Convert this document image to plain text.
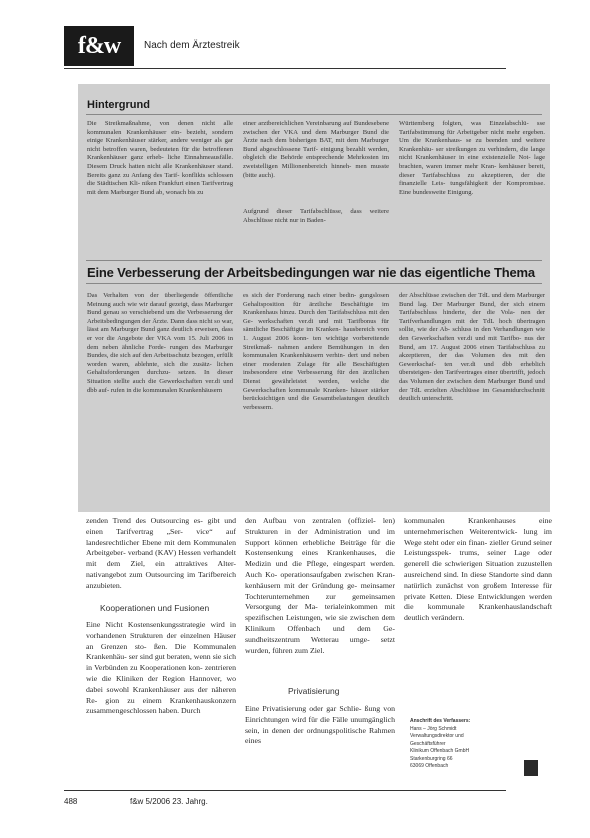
f&w	Nach dem Ärztestreik
Hintergrund
Die Streikmaßnahme, von denen nicht alle kommunalen Krankenhäuser ein- bezieht, sondern einige Krankenhäuser stärker, andere weniger als gar nicht betroffen waren, bedeuteten für die betroffenen Krankenhäuser ganz erheb- liche Einnahmeausfälle. Diesem Druck hatten nicht alle Krankenhäuser stand. Bereits ganz zu Anfang des Tarif- konflikts schlossen die Städtischen Kli- niken Frankfurt einen Tarifvertrag mit dem Marburger Bund ab, wonach bis zu
einer arztbereichlichen Vereinbarung auf Bundesebene zwischen der VKA und dem Marburger Bund die Ärzte nach dem bisherigen BAT, mit dem Marburger Bund abgeschlossene Tarif- einigung bezahlt werden, obgleich die Behörde entsprechende Mehrkosten im zweistelligen Millionenbereich hinneh- men musste (bitte auch).
Aufgrund dieser Tarifabschlüsse, dass weitere Abschlüsse nicht nur in Baden-
Württemberg folgten, was Einzelabschlü- sse Tarifabstimmung für Arbeitgeber nicht mehr ergeben. Um die Krankenhaus- se zu beenden und weitere Krankenhäu- ser streikungen zu verhindern, die lange nicht Krankenhäuser in eine existenzielle Not- lage brachten, waren immer mehr Kran- kenhäuser bereit, dieser Tarifabschluss zu akzeptieren, der die finanzielle Leis- tungsfähigkeit der Kompromisse. Eine bundesweite Einigung.
Eine Verbesserung der Arbeitsbedingungen war nie das eigentliche Thema
Das Verhalten von der überliegende öffentliche Meinung auch wie wir darauf gezeigt, dass Marburger Bund genau so verschiebend um die Verbesserung der Arbeitsbedingungen der Ärzte. Dann dass nicht so war, lässt am Marburger Bund ganz deutlich erweisen, dass er vor die Angebote der VKA vom 15. Juli 2006 in dem neben ähnliche Forde- rungen des Marburger Bundes, die sich auf den Arbeitsschutz bezogen, erfüllt worden waren, ablehnte, sich die zusätz- lichen Gehaltsforderungen durchzu- setzen. In dieser Situation stellte auch die Gewerkschaften ver.di und dbb auf- rufen in die kommunalen Krankenhäusern
es sich der Forderung nach einer bedin- gungslosen Gehaltsposition für ärztliche Beschäftigte im Krankenhaus hinzu. Durch den Tarifabschluss mit den Ge- werkschaften ver.di und mit Tarifbonus für sämtliche Beschäftigte im Kranken- hausbereich vom 1. August 2006 konn- ten wichtige vorbereitende Streikmaß- nahmen andere Bemühungen in den kommunalen Krankenhäusern verhin- dert und neben einer moderaten Zulage für alle Beschäftigten insbesondere eine Verbesserung für den ärztlichen Dienst gewährleistet werden, welche die Gewerkschaften kommunale Kranken- häuser stärker berücksichtigen und die Gesamtbelastungen deutlich verbessern.
der Abschlüsse zwischen der TdL und dem Marburger Bund lag. Der Marburger Bund, der sich einem Tarifabschluss hinderte, der die Vola- nen der Tarifverhandlungen mit der TdL hoch übertragen sollte, wie der Ab- schluss in den Verhandlungen wie den Gewerkschaften ver.di und mit Tarifbo- nus der Bund, am 17. August 2006 einen Tarifabschluss zu akzeptieren, der das Volumen des mit den Gewerkschaf- ten ver.di und dbb erheblich übersteigen- den Tarifvertrages einer übertrifft, jedoch das Volumen der zwischen dem Marburger Bund und der TdL erzielten Abschlüsse im Gesamtdurchschnitt deutlich unterschritt.
zenden Trend des Outsourcing es- gibt und einen Tarifvertrag „Ser- vice“ auf landesrechtlicher Ebene mit dem Kommunalen Arbeitgeber- verband (KAV) Hessen verhandelt mit dem Ziel, ein attraktives Alter- nativangebot zum Outsourcing im Tarifbereich anzubieten.
Kooperationen und Fusionen
Eine Nicht Kostensenkungsstrategie wird in vorhandenen Strukturen der einzelnen Häuser an Grenzen sto- ßen. Die Kommunalen Krankenhäu- ser sind gut beraten, wenn sie sich in Verbünden zu Kooperationen kon- zentrieren wie die Kliniken der Region Hannover, wo dabei sowohl Krankenhäuser aus der näheren Re- gion zu einem Krankenhauskonzern zusammengeschlossen haben. Durch
den Aufbau von zentralen (offiziel- len) Strukturen in der Administration und im Support können erhebliche Beiträge für die Kostensenkung eines Krankenhauses, die Medizin und die Pflege, eingespart werden. Auch Ko- operationsaufgaben zwischen Kran- kenhäusern mit der Gründung ge- meinsamer Tochterunternehmen zur gemeinsamen Versorgung der Ma- terialeinkommen mit spezifischen Leistungen, wie sie zwischen dem Klinikum Offenbach und dem Ge- sundheitszentrum Wetterau umge- setzt wurden, führen zum Ziel.
Privatisierung
Eine Privatisierung oder gar Schlie- ßung von Einrichtungen wird für die Fälle unumgänglich sein, in denen der ordnungspolitische Rahmen eines
kommunalen Krankenhauses eine unternehmerischen Weiterentwick- lung im Wege steht oder ein finan- zieller Grund seiner Leistungsspek- trums, seiner Lage oder generell die schwierigen Situation zuzustellen ausreichend sind. In diese Standorte sind dann natürlich zunächst von großem Interesse für private Ketten. Diese Entwicklungen werden die kommunale Krankenhauslandschaft deutlich verändern.
Anschrift des Verfassers:
Hans – Jörg Schmidt
Verwaltungsdirektor und Geschäftsführer
Klinikum Offenbach GmbH
Starkenburgring 66
63069 Offenbach
488	f&w 5/2006 23. Jahrg.
